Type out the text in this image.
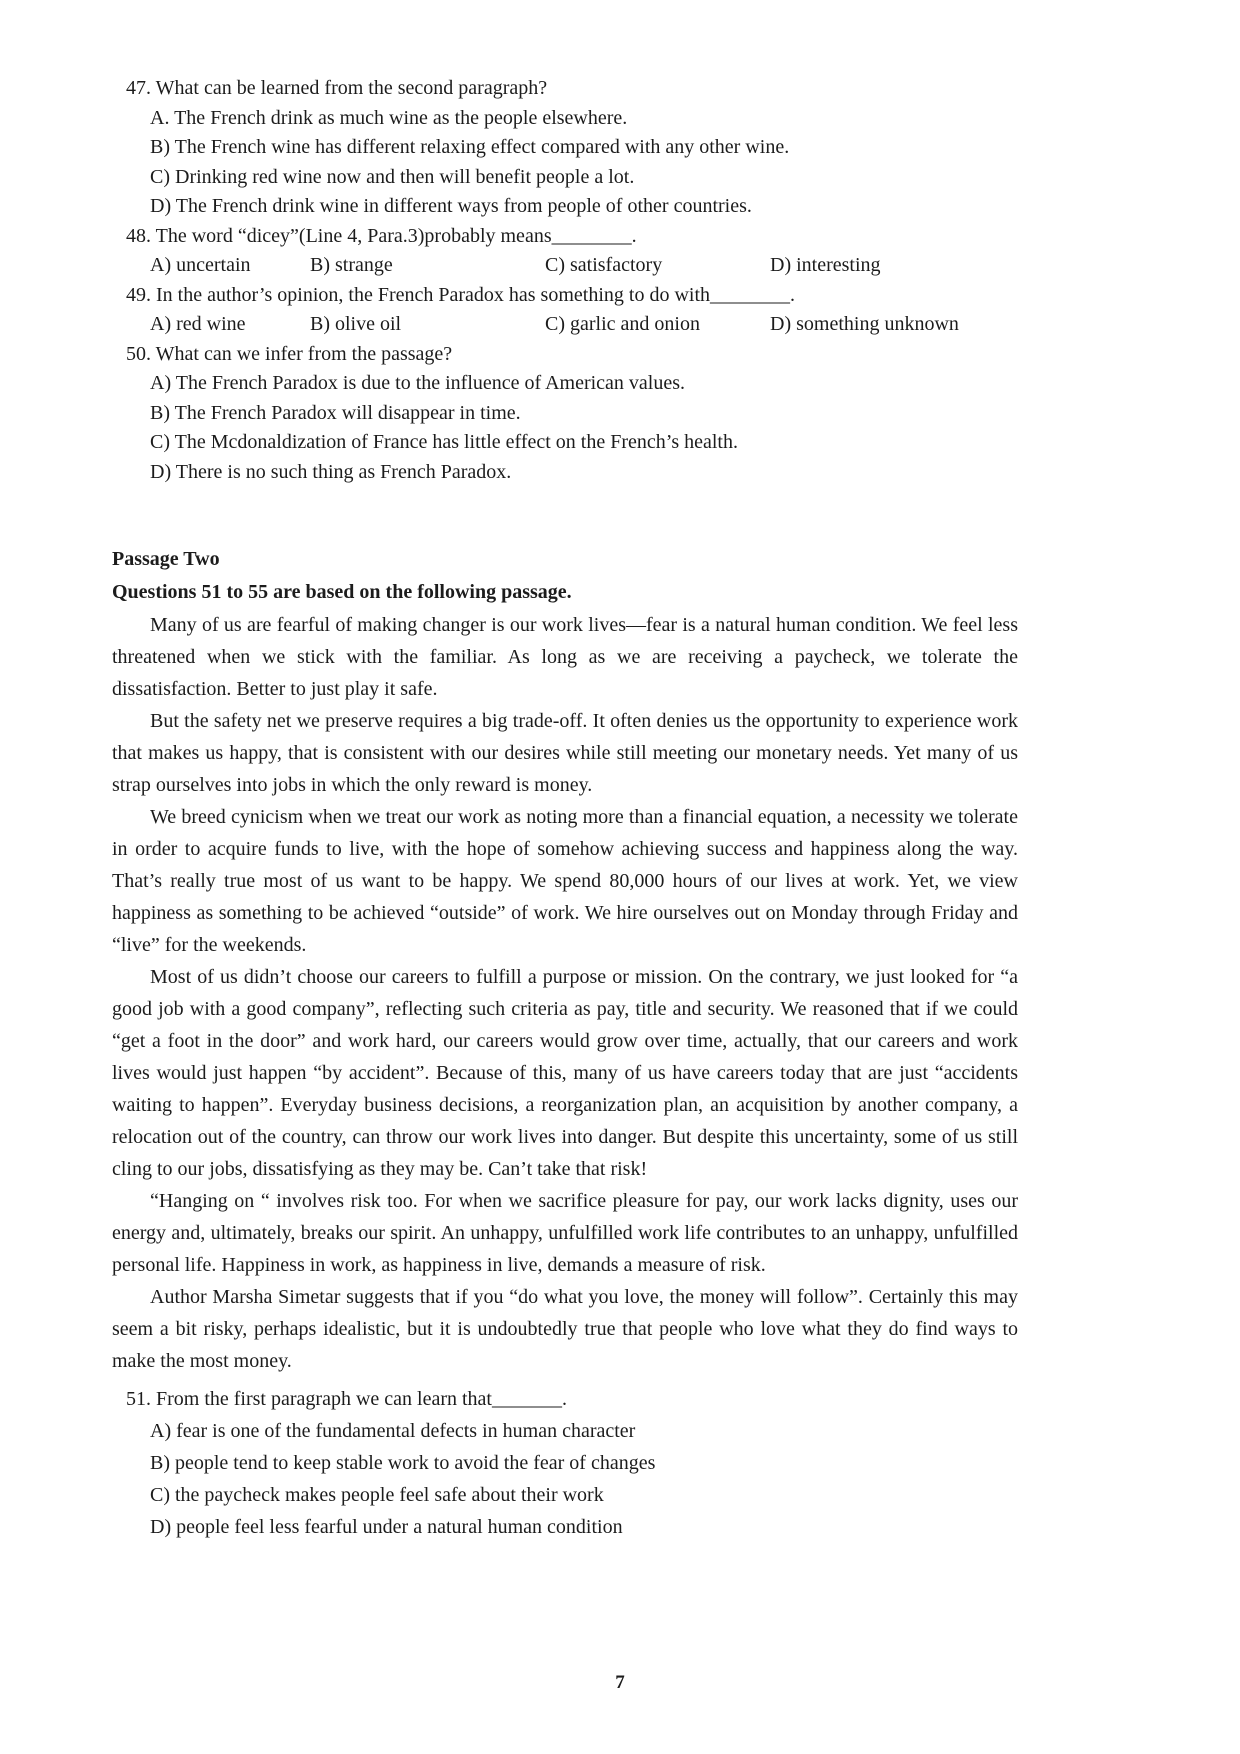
47. What can be learned from the second paragraph?
A. The French drink as much wine as the people elsewhere.
B) The French wine has different relaxing effect compared with any other wine.
C) Drinking red wine now and then will benefit people a lot.
D) The French drink wine in different ways from people of other countries.
48. The word “dicey”(Line 4, Para.3)probably means________.
A) uncertain	B) strange	C) satisfactory	D) interesting
49. In the author’s opinion, the French Paradox has something to do with________.
A) red wine	B) olive oil	C) garlic and onion	D) something unknown
50. What can we infer from the passage?
A) The French Paradox is due to the influence of American values.
B) The French Paradox will disappear in time.
C) The Mcdonaldization of France has little effect on the French’s health.
D) There is no such thing as French Paradox.
Passage Two
Questions 51 to 55 are based on the following passage.

Many of us are fearful of making changer is our work lives—fear is a natural human condition. We feel less threatened when we stick with the familiar. As long as we are receiving a paycheck, we tolerate the dissatisfaction. Better to just play it safe.

But the safety net we preserve requires a big trade-off. It often denies us the opportunity to experience work that makes us happy, that is consistent with our desires while still meeting our monetary needs. Yet many of us strap ourselves into jobs in which the only reward is money.

We breed cynicism when we treat our work as noting more than a financial equation, a necessity we tolerate in order to acquire funds to live, with the hope of somehow achieving success and happiness along the way. That’s really true most of us want to be happy. We spend 80,000 hours of our lives at work. Yet, we view happiness as something to be achieved “outside” of work. We hire ourselves out on Monday through Friday and “live” for the weekends.

Most of us didn’t choose our careers to fulfill a purpose or mission. On the contrary, we just looked for “a good job with a good company”, reflecting such criteria as pay, title and security. We reasoned that if we could “get a foot in the door” and work hard, our careers would grow over time, actually, that our careers and work lives would just happen “by accident”. Because of this, many of us have careers today that are just “accidents waiting to happen”. Everyday business decisions, a reorganization plan, an acquisition by another company, a relocation out of the country, can throw our work lives into danger. But despite this uncertainty, some of us still cling to our jobs, dissatisfying as they may be. Can’t take that risk!

“Hanging on “ involves risk too. For when we sacrifice pleasure for pay, our work lacks dignity, uses our energy and, ultimately, breaks our spirit. An unhappy, unfulfilled work life contributes to an unhappy, unfulfilled personal life. Happiness in work, as happiness in live, demands a measure of risk.

Author Marsha Simetar suggests that if you “do what you love, the money will follow”. Certainly this may seem a bit risky, perhaps idealistic, but it is undoubtedly true that people who love what they do find ways to make the most money.

51. From the first paragraph we can learn that_______.
A) fear is one of the fundamental defects in human character
B) people tend to keep stable work to avoid the fear of changes
C) the paycheck makes people feel safe about their work
D) people feel less fearful under a natural human condition
7
